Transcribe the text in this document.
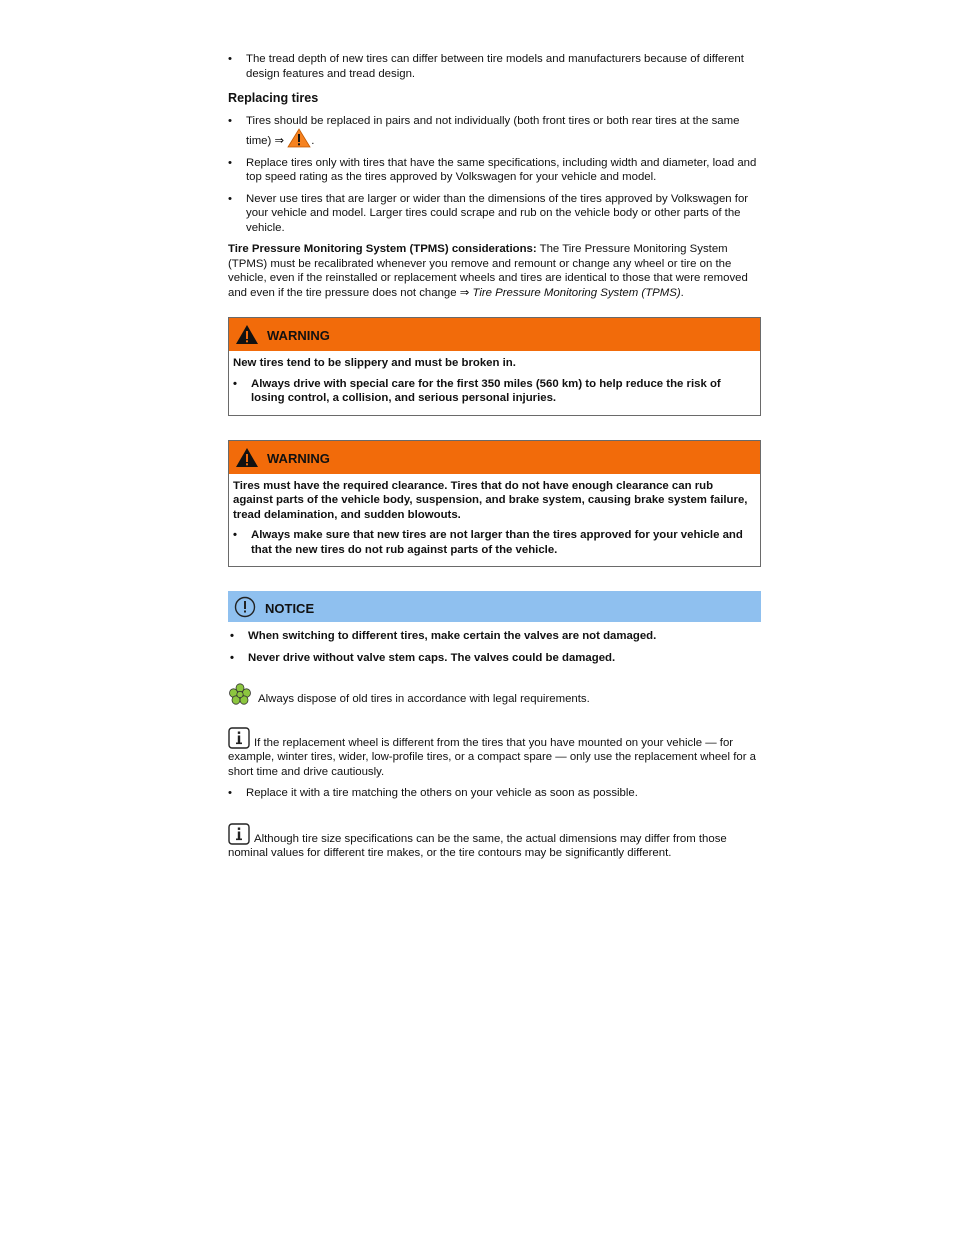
•	The tread depth of new tires can differ between tire models and manufacturers because of different design features and tread design.
Replacing tires
•	Tires should be replaced in pairs and not individually (both front tires or both rear tires at the same time) ⇒ .
•	Replace tires only with tires that have the same specifications, including width and diameter, load and top speed rating as the tires approved by Volkswagen for your vehicle and model.
•	Never use tires that are larger or wider than the dimensions of the tires approved by Volkswagen for your vehicle and model. Larger tires could scrape and rub on the vehicle body or other parts of the vehicle.

Tire Pressure Monitoring System (TPMS) considerations: The Tire Pressure Monitoring System (TPMS) must be recalibrated whenever you remove and remount or change any wheel or tire on the vehicle, even if the reinstalled or replacement wheels and tires are identical to those that were removed and even if the tire pressure does not change ⇒ Tire Pressure Monitoring System (TPMS).

WARNING

New tires tend to be slippery and must be broken in.

•	Always drive with special care for the first 350 miles (560 km) to help reduce the risk of losing control, a collision, and serious personal injuries.
WARNING

Tires must have the required clearance. Tires that do not have enough clearance can rub against parts of the vehicle body, suspension, and brake system, causing brake system failure, tread delamination, and sudden blowouts.

•	Always make sure that new tires are not larger than the tires approved for your vehicle and that the new tires do not rub against parts of the vehicle.
NOTICE
•	When switching to different tires, make certain the valves are not damaged.
•	Never drive without valve stem caps. The valves could be damaged.
Always dispose of old tires in accordance with legal requirements.

If the replacement wheel is different from the tires that you have mounted on your vehicle — for example, winter tires, wider, low-profile tires, or a compact spare — only use the replacement wheel for a short time and drive cautiously.

•	Replace it with a tire matching the others on your vehicle as soon as possible.

Although tire size specifications can be the same, the actual dimensions may differ from those nominal values for different tire makes, or the tire contours may be significantly different.
